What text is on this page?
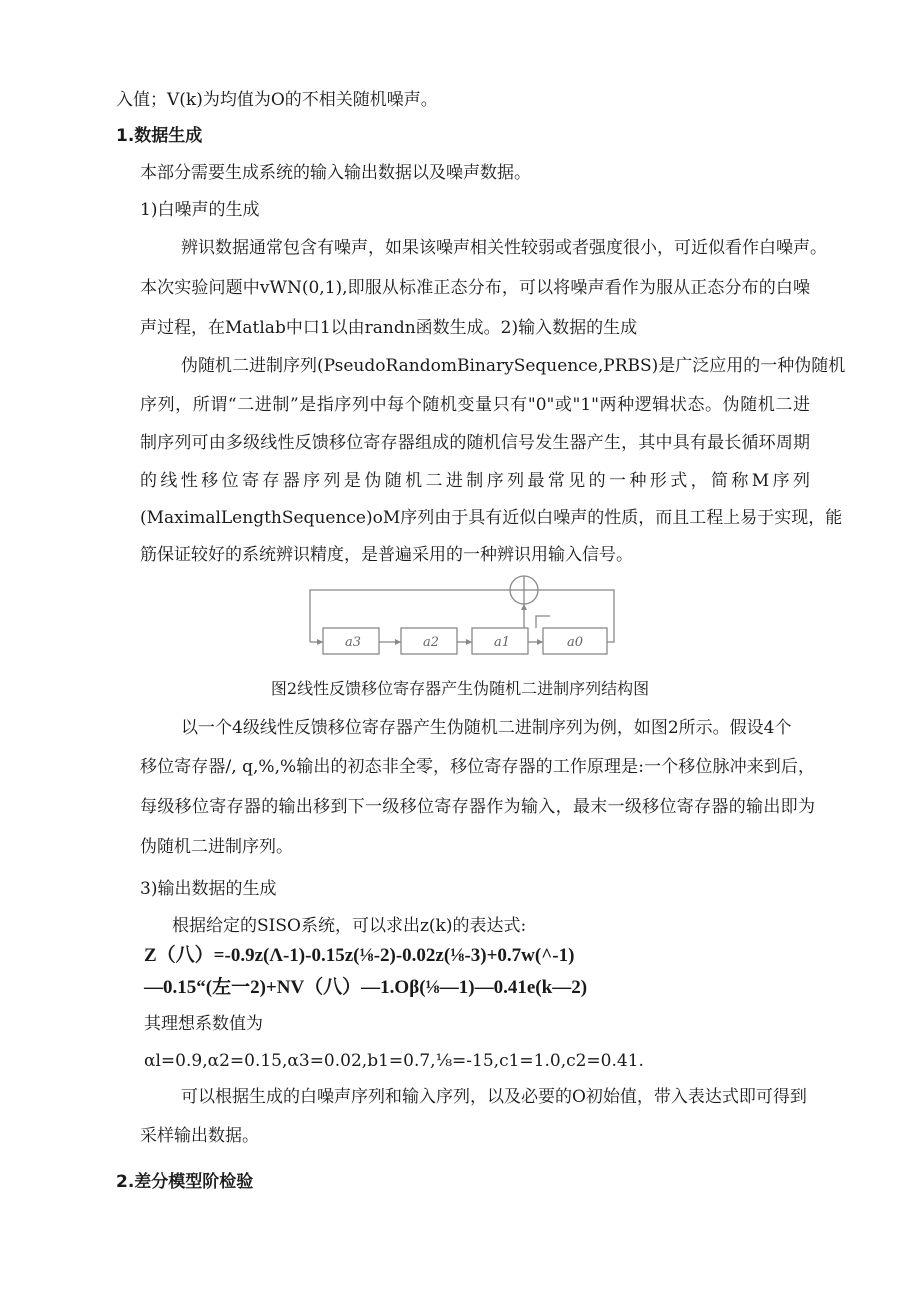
入值；V(k)为均值为O的不相关随机噪声。
1.数据生成
本部分需要生成系统的输入输出数据以及噪声数据。
1)白噪声的生成
辨识数据通常包含有噪声，如果该噪声相关性较弱或者强度很小，可近似看作白噪声。
本次实验问题中vWN(0,1),即服从标准正态分布，可以将噪声看作为服从正态分布的白噪
声过程，在Matlab中口1以由randn函数生成。2)输入数据的生成
伪随机二进制序列(PseudoRandomBinarySequence,PRBS)是广泛应用的一种伪随机
序列，所谓“二进制”是指序列中每个随机变量只有"0"或"1"两种逻辑状态。伪随机二进
制序列可由多级线性反馈移位寄存器组成的随机信号发生器产生，其中具有最长循环周期
的线性移位寄存器序列是伪随机二进制序列最常见的一种形式，简称M序列
(MaximalLengthSequence)oM序列由于具有近似白噪声的性质，而且工程上易于实现，能
筋保证较好的系统辨识精度，是普遍采用的一种辨识用输入信号。
a3	a2	a1	a0
图2线性反馈移位寄存器产生伪随机二进制序列结构图
以一个4级线性反馈移位寄存器产生伪随机二进制序列为例，如图2所示。假设4个
移位寄存器/, q,%,%输出的初态非全零，移位寄存器的工作原理是:一个移位脉冲来到后，
每级移位寄存器的输出移到下一级移位寄存器作为输入，最末一级移位寄存器的输出即为
伪随机二进制序列。
3)输出数据的生成
根据给定的SISO系统，可以求出z(k)的表达式:
Z（八）=-0.9z(Λ-1)-0.15z(⅛-2)-0.02z(⅛-3)+0.7w(^-1)
—0.15“(左一2)+NV（八）—1.Oβ(⅛—1)—0.41e(k—2)
其理想系数值为
αl=0.9,α2=0.15,α3=0.02,b1=0.7,⅛=-15,c1=1.0,c2=0.41.
可以根据生成的白噪声序列和输入序列，以及必要的O初始值，带入表达式即可得到
采样输出数据。
2.差分模型阶检验
